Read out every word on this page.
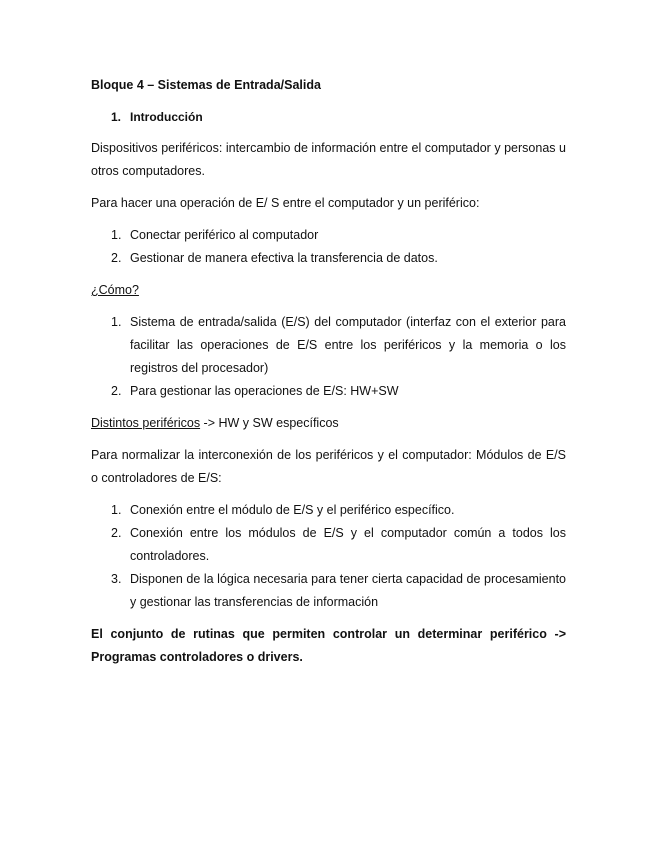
Bloque 4 – Sistemas de Entrada/Salida

1. Introducción

Dispositivos periféricos: intercambio de información entre el computador y personas u otros computadores.

Para hacer una operación de E/ S entre el computador y un periférico:

1. Conectar periférico al computador
2. Gestionar de manera efectiva la transferencia de datos.

¿Cómo?

1. Sistema de entrada/salida (E/S) del computador (interfaz con el exterior para facilitar las operaciones de E/S entre los periféricos y la memoria o los registros del procesador)
2. Para gestionar las operaciones de E/S: HW+SW

Distintos periféricos -> HW y SW específicos

Para normalizar la interconexión de los periféricos y el computador: Módulos de E/S o controladores de E/S:

1. Conexión entre el módulo de E/S y el periférico específico.
2. Conexión entre los módulos de E/S y el computador común a todos los controladores.
3. Disponen de la lógica necesaria para tener cierta capacidad de procesamiento y gestionar las transferencias de información

El conjunto de rutinas que permiten controlar un determinar periférico -> Programas controladores o drivers.
